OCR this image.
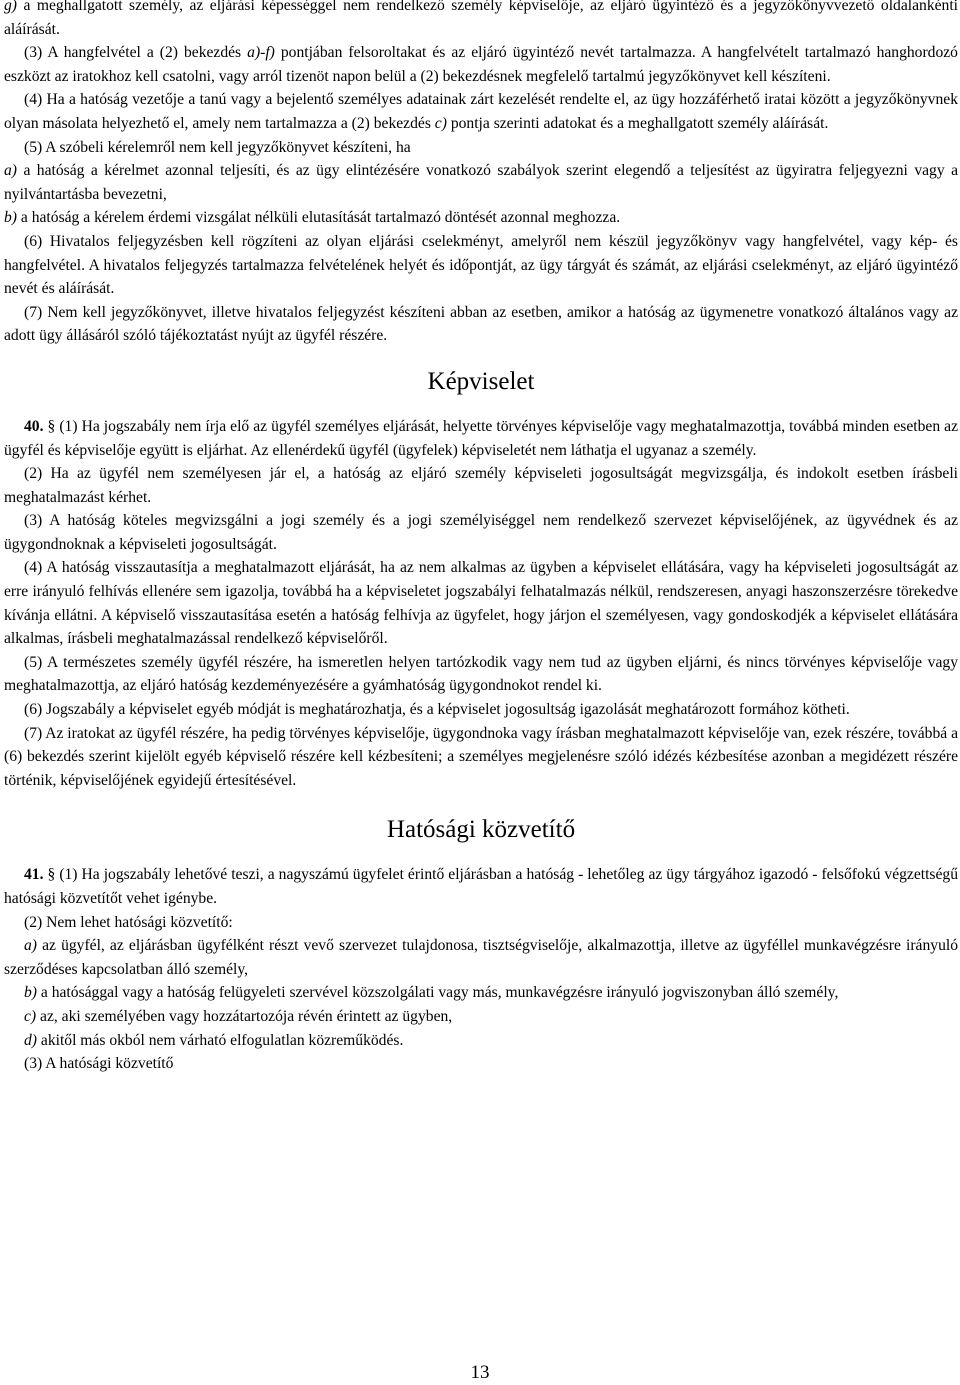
g) a meghallgatott személy, az eljárási képességgel nem rendelkező személy képviselője, az eljáró ügyintéző és a jegyzőkönyvvezető oldalankénti aláírását.

(3) A hangfelvétel a (2) bekezdés a)-f) pontjában felsoroltakat és az eljáró ügyintéző nevét tartalmazza. A hangfelvételt tartalmazó hanghordozó eszközt az iratokhoz kell csatolni, vagy arról tizenöt napon belül a (2) bekezdésnek megfelelő tartalmú jegyzőkönyvet kell készíteni.

(4) Ha a hatóság vezetője a tanú vagy a bejelentő személyes adatainak zárt kezelését rendelte el, az ügy hozzáférhető iratai között a jegyzőkönyvnek olyan másolata helyezhető el, amely nem tartalmazza a (2) bekezdés c) pontja szerinti adatokat és a meghallgatott személy aláírását.

(5) A szóbeli kérelemről nem kell jegyzőkönyvet készíteni, ha

a) a hatóság a kérelmet azonnal teljesíti, és az ügy elintézésére vonatkozó szabályok szerint elegendő a teljesítést az ügyiratra feljegyezni vagy a nyilvántartásba bevezetni,

b) a hatóság a kérelem érdemi vizsgálat nélküli elutasítását tartalmazó döntését azonnal meghozza.

(6) Hivatalos feljegyzésben kell rögzíteni az olyan eljárási cselekményt, amelyről nem készül jegyzőkönyv vagy hangfelvétel, vagy kép- és hangfelvétel. A hivatalos feljegyzés tartalmazza felvételének helyét és időpontját, az ügy tárgyát és számát, az eljárási cselekményt, az eljáró ügyintéző nevét és aláírását.

(7) Nem kell jegyzőkönyvet, illetve hivatalos feljegyzést készíteni abban az esetben, amikor a hatóság az ügymenetre vonatkozó általános vagy az adott ügy állásáról szóló tájékoztatást nyújt az ügyfél részére.

Képviselet

40. § (1) Ha jogszabály nem írja elő az ügyfél személyes eljárását, helyette törvényes képviselője vagy meghatalmazottja, továbbá minden esetben az ügyfél és képviselője együtt is eljárhat. Az ellenérdekű ügyfél (ügyfelek) képviseletét nem láthatja el ugyanaz a személy.

(2) Ha az ügyfél nem személyesen jár el, a hatóság az eljáró személy képviseleti jogosultságát megvizsgálja, és indokolt esetben írásbeli meghatalmazást kérhet.

(3) A hatóság köteles megvizsgálni a jogi személy és a jogi személyiséggel nem rendelkező szervezet képviselőjének, az ügyvédnek és az ügygondnoknak a képviseleti jogosultságát.

(4) A hatóság visszautasítja a meghatalmazott eljárását, ha az nem alkalmas az ügyben a képviselet ellátására, vagy ha képviseleti jogosultságát az erre irányuló felhívás ellenére sem igazolja, továbbá ha a képviseletet jogszabályi felhatalmazás nélkül, rendszeresen, anyagi haszonszerzésre törekedve kívánja ellátni. A képviselő visszautasítása esetén a hatóság felhívja az ügyfelet, hogy járjon el személyesen, vagy gondoskodjék a képviselet ellátására alkalmas, írásbeli meghatalmazással rendelkező képviselőről.

(5) A természetes személy ügyfél részére, ha ismeretlen helyen tartózkodik vagy nem tud az ügyben eljárni, és nincs törvényes képviselője vagy meghatalmazottja, az eljáró hatóság kezdeményezésére a gyámhatóság ügygondnokot rendel ki.

(6) Jogszabály a képviselet egyéb módját is meghatározhatja, és a képviselet jogosultság igazolását meghatározott formához kötheti.

(7) Az iratokat az ügyfél részére, ha pedig törvényes képviselője, ügygondnoka vagy írásban meghatalmazott képviselője van, ezek részére, továbbá a (6) bekezdés szerint kijelölt egyéb képviselő részére kell kézbesíteni; a személyes megjelenésre szóló idézés kézbesítése azonban a megidézett részére történik, képviselőjének egyidejű értesítésével.

Hatósági közvetítő

41. § (1) Ha jogszabály lehetővé teszi, a nagyszámú ügyfelet érintő eljárásban a hatóság - lehetőleg az ügy tárgyához igazodó - felsőfokú végzettségű hatósági közvetítőt vehet igénybe.

(2) Nem lehet hatósági közvetítő:

a) az ügyfél, az eljárásban ügyfélként részt vevő szervezet tulajdonosa, tisztségviselője, alkalmazottja, illetve az ügyféllel munkavégzésre irányuló szerződéses kapcsolatban álló személy,

b) a hatósággal vagy a hatóság felügyeleti szervével közszolgálati vagy más, munkavégzésre irányuló jogviszonyban álló személy,

c) az, aki személyében vagy hozzátartozója révén érintett az ügyben,

d) akitől más okból nem várható elfogulatlan közreműködés.

(3) A hatósági közvetítő

13
